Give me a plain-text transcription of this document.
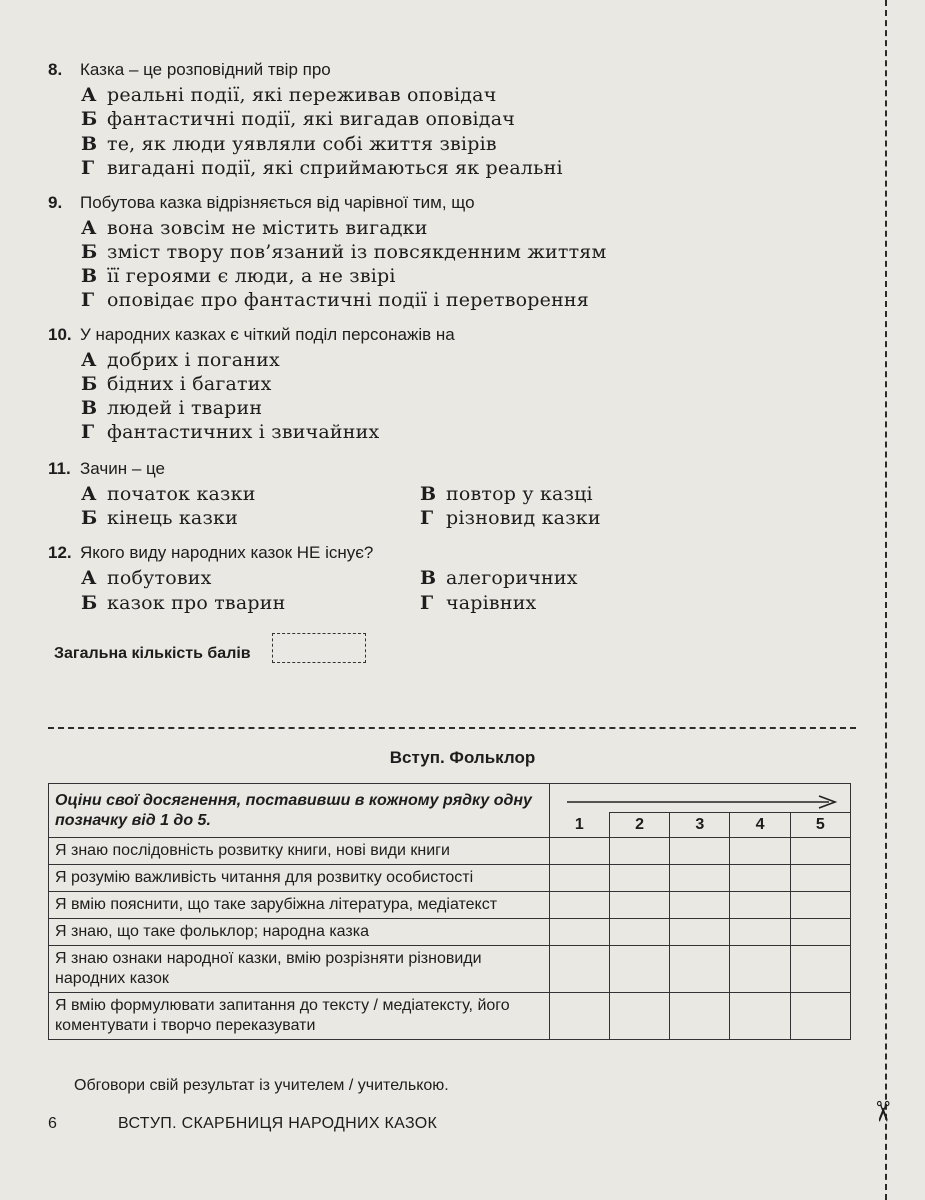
8. Казка – це розповідний твір про
А реальні події, які переживав оповідач
Б фантастичні події, які вигадав оповідач
В те, як люди уявляли собі життя звірів
Г вигадані події, які сприймаються як реальні
9. Побутова казка відрізняється від чарівної тим, що
А вона зовсім не містить вигадки
Б зміст твору пов’язаний із повсякденним життям
В її героями є люди, а не звірі
Г оповідає про фантастичні події і перетворення
10. У народних казках є чіткий поділ персонажів на
А добрих і поганих
Б бідних і багатих
В людей і тварин
Г фантастичних і звичайних
11. Зачин – це
А початок казки
Б кінець казки
В повтор у казці
Г різновид казки
12. Якого виду народних казок НЕ існує?
А побутових
Б казок про тварин
В алегоричних
Г чарівних
Загальна кількість балів
✂
Вступ. Фольклор
Оціни свої досягнення, поставивши в кожному рядку одну
позначку від 1 до 5.					
	1	2	3	4	5
Я знаю послідовність розвитку книги, нові види книги					
Я розумію важливість читання для розвитку особистості					
Я вмію пояснити, що таке зарубіжна література, медіатекст					
Я знаю, що таке фольклор; народна казка					
Я знаю ознаки народної казки, вмію розрізняти різновиди народних казок					
Я вмію формулювати запитання до тексту / медіатексту, його коментувати і творчо переказувати					
Обговори свій результат із учителем / учителькою.
6	ВСТУП. СКАРБНИЦЯ НАРОДНИХ КАЗОК
